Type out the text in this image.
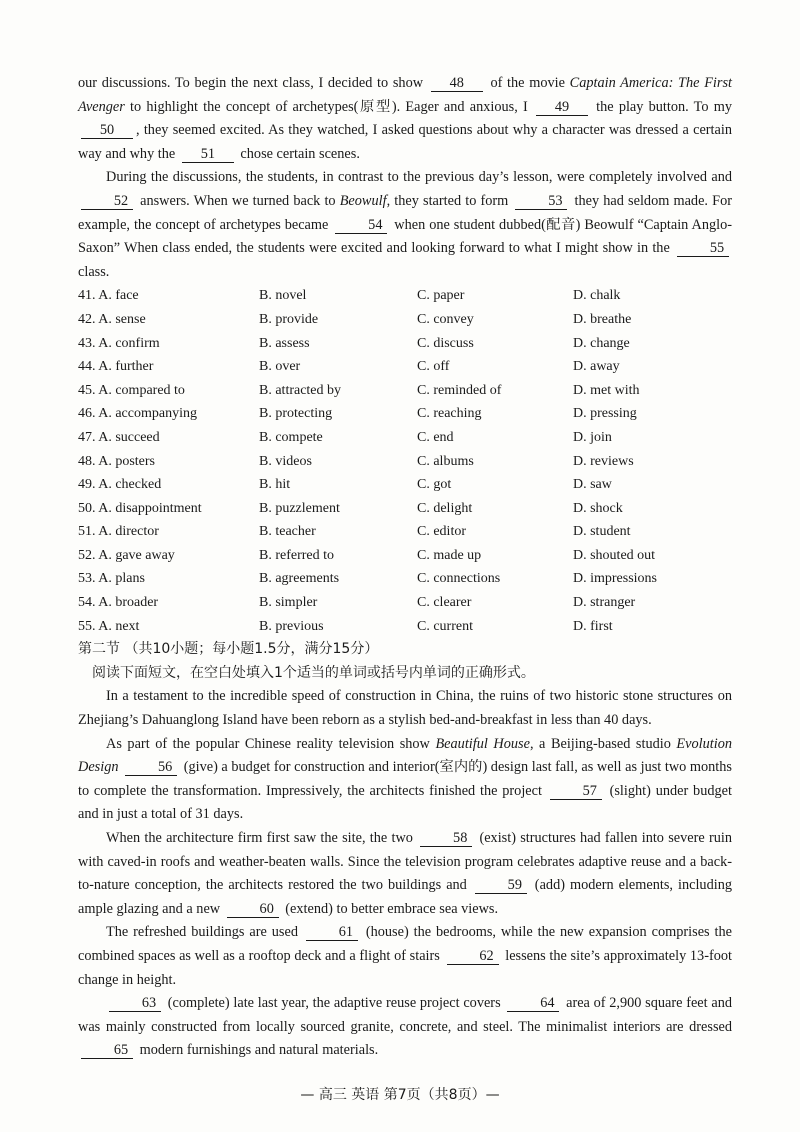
our discussions. To begin the next class, I decided to show 48 of the movie Captain America: The First Avenger to highlight the concept of archetypes(原型). Eager and anxious, I 49 the play button. To my 50 , they seemed excited. As they watched, I asked questions about why a character was dressed a certain way and why the 51 chose certain scenes.

During the discussions, the students, in contrast to the previous day’s lesson, were completely involved and 52 answers. When we turned back to Beowulf, they started to form	53 they had seldom made. For example, the concept of archetypes became	54 when one student dubbed(配音) Beowulf “Captain Anglo-Saxon” When class ended, the students were excited and looking forward to what I might show in the	55 class.

41. A. face	B. novel	C. paper	D. chalk
42. A. sense	B. provide	C. convey	D. breathe
43. A. confirm	B. assess	C. discuss	D. change
44. A. further	B. over	C. off	D. away
45. A. compared to	B. attracted by	C. reminded of	D. met with
46. A. accompanying	B. protecting	C. reaching	D. pressing
47. A. succeed	B. compete	C. end	D. join
48. A. posters	B. videos	C. albums	D. reviews
49. A. checked	B. hit	C. got	D. saw
50. A. disappointment	B. puzzlement	C. delight	D. shock
51. A. director	B. teacher	C. editor	D. student
52. A. gave away	B. referred to	C. made up	D. shouted out
53. A. plans	B. agreements	C. connections	D. impressions
54. A. broader	B. simpler	C. clearer	D. stranger
55. A. next	B. previous	C. current	D. first

第二节 （共10小题；每小题1.5分，满分15分）

阅读下面短文，在空白处填入1个适当的单词或括号内单词的正确形式。

In a testament to the incredible speed of construction in China, the ruins of two historic stone structures on Zhejiang’s Dahuanglong Island have been reborn as a stylish bed-and-breakfast in less than 40 days.

As part of the popular Chinese reality television show Beautiful House, a Beijing-based studio Evolution Design	56 (give) a budget for construction and interior(室内的) design last fall, as well as just two months to complete the transformation. Impressively, the architects finished the project	57 (slight) under budget and in just a total of 31 days.

When the architecture firm first saw the site, the two	58 (exist) structures had fallen into severe ruin with caved-in roofs and weather-beaten walls. Since the television program celebrates adaptive reuse and a back-to-nature conception, the architects restored the two buildings and	59 (add) modern elements, including ample glazing and a new	60 (extend) to better embrace sea views.

The refreshed buildings are used	61 (house) the bedrooms, while the new expansion comprises the combined spaces as well as a rooftop deck and a flight of stairs	62 lessens the site’s approximately 13-foot change in height.

63 (complete) late last year, the adaptive reuse project covers	64 area of 2,900 square feet and was mainly constructed from locally sourced granite, concrete, and steel. The minimalist interiors are dressed 65 modern furnishings and natural materials.

— 高三 英语 第7页（共8页）—
